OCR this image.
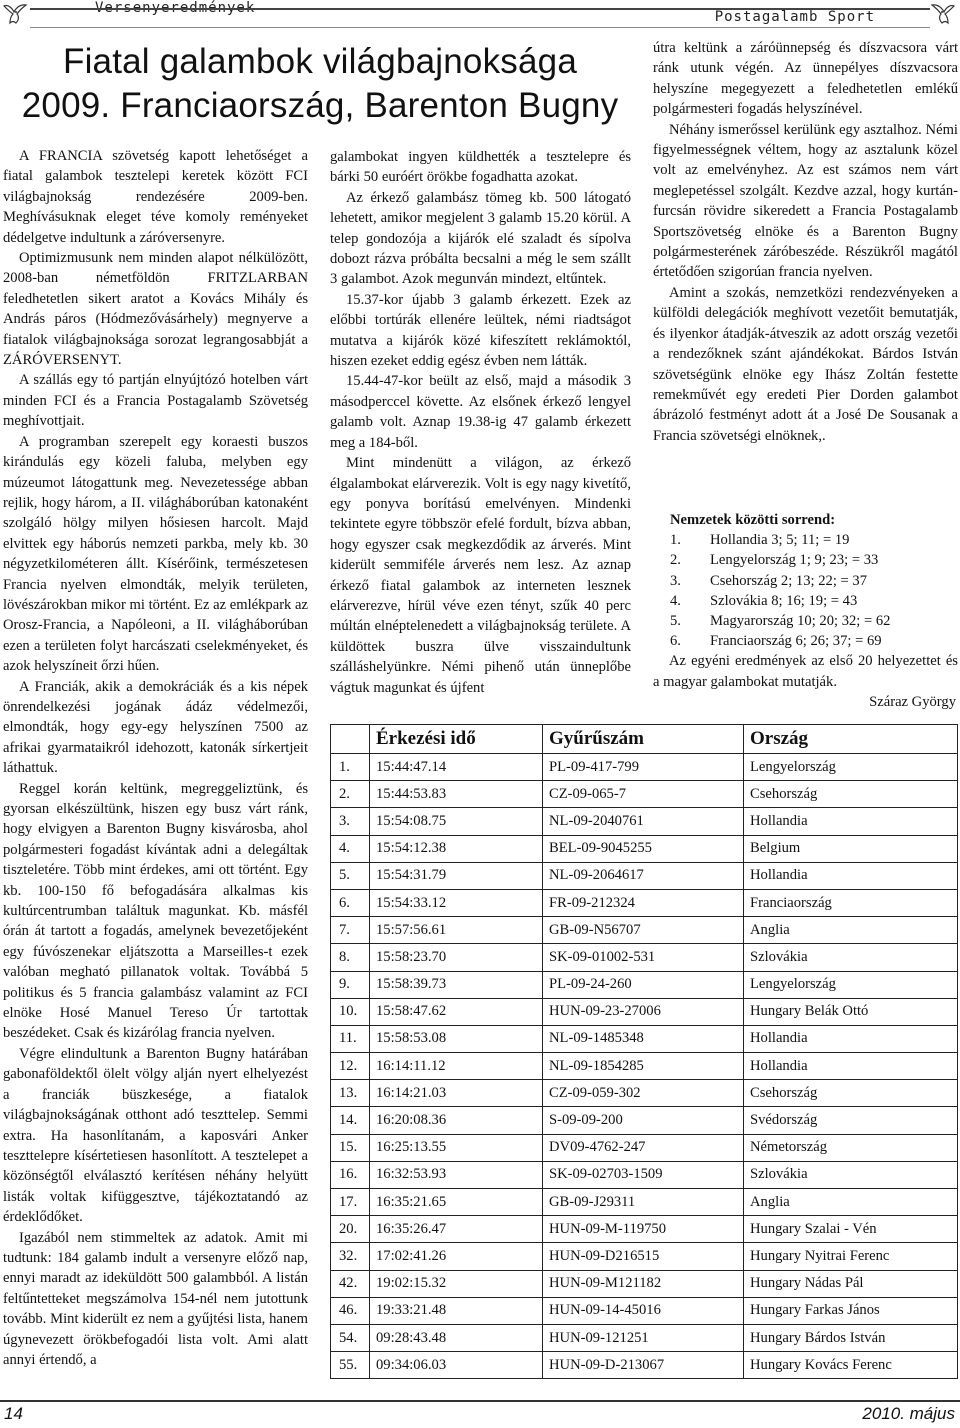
Versenyeredmények
Postagalamb Sport
Fiatal galambok világbajnoksága
2009. Franciaország, Barenton Bugny

A FRANCIA szövetség kapott lehetőséget a fiatal galambok tesztelepi keretek között FCI világbajnokság rendezésére 2009-ben. Meghívásuknak eleget téve komoly reményeket dédelgetve indultunk a záróversenyre.

Optimizmusunk nem minden alapot nélkülözött, 2008-ban németföldön FRITZLARBAN feledhetetlen sikert aratot a Kovács Mihály és András páros (Hódmezővásárhely) megnyerve a fiatalok világbajnoksága sorozat legrangosabbját a ZÁRÓVERSENYT.

A szállás egy tó partján elnyújtózó hotelben várt minden FCI és a Francia Postagalamb Szövetség meghívottjait.

A programban szerepelt egy koraesti buszos kirándulás egy közeli faluba, melyben egy múzeumot látogattunk meg. Nevezetessége abban rejlik, hogy három, a II. világháborúban katonaként szolgáló hölgy milyen hősiesen harcolt. Majd elvittek egy háborús nemzeti parkba, mely kb. 30 négyzetkilométeren állt. Kísérőink, természetesen Francia nyelven elmondták, melyik területen, lövészárokban mikor mi történt. Ez az emlékpark az Orosz-Francia, a Napóleoni, a II. világháborúban ezen a területen folyt harcászati cselekményeket, és azok helyszíneit őrzi hűen.

A Franciák, akik a demokráciák és a kis népek önrendelkezési jogának ádáz védelmezői, elmondták, hogy egy-egy helyszínen 7500 az afrikai gyarmataikról idehozott, katonák sírkertjeit láthattuk.

Reggel korán keltünk, megreggeliztünk, és gyorsan elkészültünk, hiszen egy busz várt ránk, hogy elvigyen a Barenton Bugny kisvárosba, ahol polgármesteri fogadást kívántak adni a delegáltak tiszteletére. Több mint érdekes, ami ott történt. Egy kb. 100-150 fő befogadására alkalmas kis kultúrcentrumban találtuk magunkat. Kb. másfél órán át tartott a fogadás, amelynek bevezetőjeként egy fúvószenekar eljátszotta a Marseilles-t ezek valóban megható pillanatok voltak. Továbbá 5 politikus és 5 francia galambász valamint az FCI elnöke Hosé Manuel Tereso Úr tartottak beszédeket. Csak és kizárólag francia nyelven.

Végre elindultunk a Barenton Bugny határában gabonaföldektől ölelt völgy alján nyert elhelyezést a franciák büszkesége, a fiatalok világbajnokságának otthont adó teszttelep. Semmi extra. Ha hasonlítanám, a kaposvári Anker teszttelepre kísértetiesen hasonlított. A tesztelepet a közönségtől elválasztó kerítésen néhány helyütt listák voltak kifüggesztve, tájékoztatandó az érdeklődőket.

Igazából nem stimmeltek az adatok. Amit mi tudtunk: 184 galamb indult a versenyre előző nap, ennyi maradt az ideküldött 500 galambból. A listán feltűntetteket megszámolva 154-nél nem jutottunk tovább. Mint kiderült ez nem a gyűjtési lista, hanem úgynevezett örökbefogadói lista volt. Ami alatt annyi értendő, a

galambokat ingyen küldhették a tesztelepre és bárki 50 euróért örökbe fogadhatta azokat.

Az érkező galambász tömeg kb. 500 látogató lehetett, amikor megjelent 3 galamb 15.20 körül. A telep gondozója a kijárók elé szaladt és sípolva dobozt rázva próbálta becsalni a még le sem szállt 3 galambot. Azok megunván mindezt, eltűntek.

15.37-kor újabb 3 galamb érkezett. Ezek az előbbi tortúrák ellenére leültek, némi riadtságot mutatva a kijárók közé kifeszített reklámoktól, hiszen ezeket eddig egész évben nem látták.

15.44-47-kor beült az első, majd a második 3 másodperccel követte. Az elsőnek érkező lengyel galamb volt. Aznap 19.38-ig 47 galamb érkezett meg a 184-ből.

Mint mindenütt a világon, az érkező élgalambokat elárverezik. Volt is egy nagy kivetítő, egy ponyva borítású emelvényen. Mindenki tekintete egyre többször efelé fordult, bízva abban, hogy egyszer csak megkezdődik az árverés. Mint kiderült semmiféle árverés nem lesz. Az aznap érkező fiatal galambok az interneten lesznek elárverezve, hírül véve ezen tényt, szűk 40 perc múltán elnéptelenedett a világbajnokság területe. A küldöttek buszra ülve visszaindultunk szálláshelyünkre. Némi pihenő után ünneplőbe vágtuk magunkat és újfent

útra keltünk a záróünnepség és díszvacsora várt ránk utunk végén. Az ünnepélyes díszvacsora helyszíne megegyezett a feledhetetlen emlékű polgármesteri fogadás helyszínével.

Néhány ismerőssel kerülünk egy asztalhoz. Némi figyelmességnek véltem, hogy az asztalunk közel volt az emelvényhez. Az est számos nem várt meglepetéssel szolgált. Kezdve azzal, hogy kurtán-furcsán rövidre sikeredett a Francia Postagalamb Sportszövetség elnöke és a Barenton Bugny polgármesterének záróbeszéde. Részükről magától értetődően szigorúan francia nyelven.

Amint a szokás, nemzetközi rendezvényeken a külföldi delegációk meghívott vezetőit bemutatják, és ilyenkor átadják-átveszik az adott ország vezetői a rendezőknek szánt ajándékokat. Bárdos István szövetségünk elnöke egy Ihász Zoltán festette remekművét egy eredeti Pier Dorden galambot ábrázoló festményt adott át a José De Sousanak a Francia szövetségi elnöknek,.

Nemzetek közötti sorrend:
1. Hollandia 3; 5; 11; = 19
2. Lengyelország 1; 9; 23; = 33
3. Csehország 2; 13; 22; = 37
4. Szlovákia 8; 16; 19; = 43
5. Magyarország 10; 20; 32; = 62
6. Franciaország 6; 26; 37; = 69
Az egyéni eredmények az első 20 helyezettet és a magyar galambokat mutatják.
Száraz György
	Érkezési idő	Gyűrűszám	Ország
1.	15:44:47.14	PL-09-417-799	Lengyelország
2.	15:44:53.83	CZ-09-065-7	Csehország
3.	15:54:08.75	NL-09-2040761	Hollandia
4.	15:54:12.38	BEL-09-9045255	Belgium
5.	15:54:31.79	NL-09-2064617	Hollandia
6.	15:54:33.12	FR-09-212324	Franciaország
7.	15:57:56.61	GB-09-N56707	Anglia
8.	15:58:23.70	SK-09-01002-531	Szlovákia
9.	15:58:39.73	PL-09-24-260	Lengyelország
10.	15:58:47.62	HUN-09-23-27006	Hungary Belák Ottó
11.	15:58:53.08	NL-09-1485348	Hollandia
12.	16:14:11.12	NL-09-1854285	Hollandia
13.	16:14:21.03	CZ-09-059-302	Csehország
14.	16:20:08.36	S-09-09-200	Svédország
15.	16:25:13.55	DV09-4762-247	Németország
16.	16:32:53.93	SK-09-02703-1509	Szlovákia
17.	16:35:21.65	GB-09-J29311	Anglia
20.	16:35:26.47	HUN-09-M-119750	Hungary Szalai - Vén
32.	17:02:41.26	HUN-09-D216515	Hungary Nyitrai Ferenc
42.	19:02:15.32	HUN-09-M121182	Hungary Nádas Pál
46.	19:33:21.48	HUN-09-14-45016	Hungary Farkas János
54.	09:28:43.48	HUN-09-121251	Hungary Bárdos István
55.	09:34:06.03	HUN-09-D-213067	Hungary Kovács Ferenc
14	2010. május
